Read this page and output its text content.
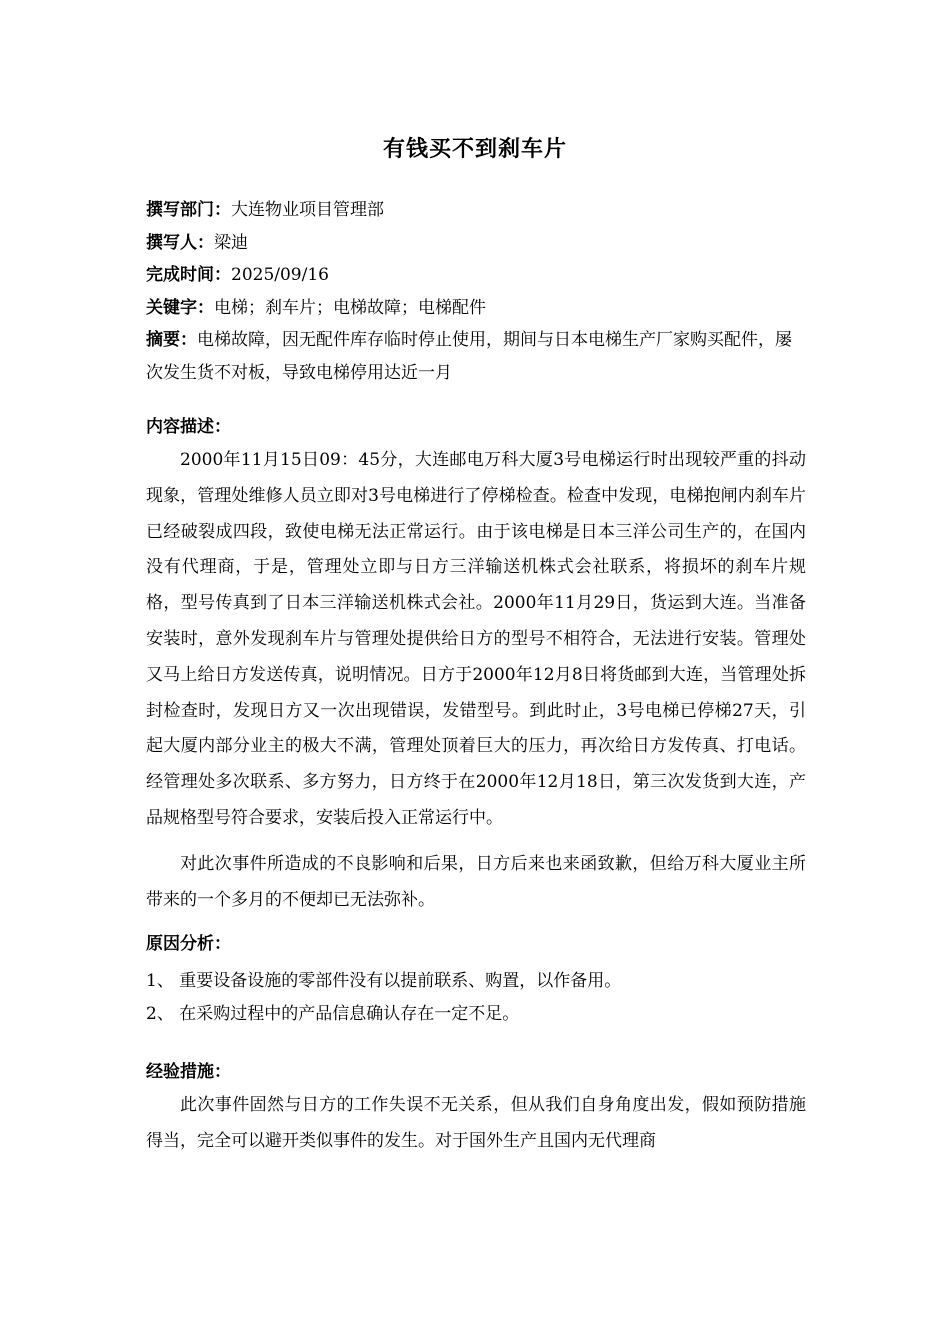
有钱买不到刹车片
撰写部门：大连物业项目管理部
撰写人：梁迪
完成时间：2025/09/16
关键字：电梯；刹车片；电梯故障；电梯配件
摘要：电梯故障，因无配件库存临时停止使用，期间与日本电梯生产厂家购买配件，屡次发生货不对板，导致电梯停用达近一月
内容描述：

2000年11月15日09：45分，大连邮电万科大厦3号电梯运行时出现较严重的抖动现象，管理处维修人员立即对3号电梯进行了停梯检查。检查中发现，电梯抱闸内刹车片已经破裂成四段，致使电梯无法正常运行。由于该电梯是日本三洋公司生产的，在国内没有代理商，于是，管理处立即与日方三洋输送机株式会社联系，将损坏的刹车片规格，型号传真到了日本三洋输送机株式会社。2000年11月29日，货运到大连。当准备安装时，意外发现刹车片与管理处提供给日方的型号不相符合，无法进行安装。管理处又马上给日方发送传真，说明情况。日方于2000年12月8日将货邮到大连，当管理处拆封检查时，发现日方又一次出现错误，发错型号。到此时止，3号电梯已停梯27天，引起大厦内部分业主的极大不满，管理处顶着巨大的压力，再次给日方发传真、打电话。经管理处多次联系、多方努力，日方终于在2000年12月18日，第三次发货到大连，产品规格型号符合要求，安装后投入正常运行中。

对此次事件所造成的不良影响和后果，日方后来也来函致歉，但给万科大厦业主所带来的一个多月的不便却已无法弥补。

原因分析：
1、 重要设备设施的零部件没有以提前联系、购置，以作备用。
2、 在采购过程中的产品信息确认存在一定不足。
经验措施：

此次事件固然与日方的工作失误不无关系，但从我们自身角度出发，假如预防措施得当，完全可以避开类似事件的发生。对于国外生产且国内无代理商
